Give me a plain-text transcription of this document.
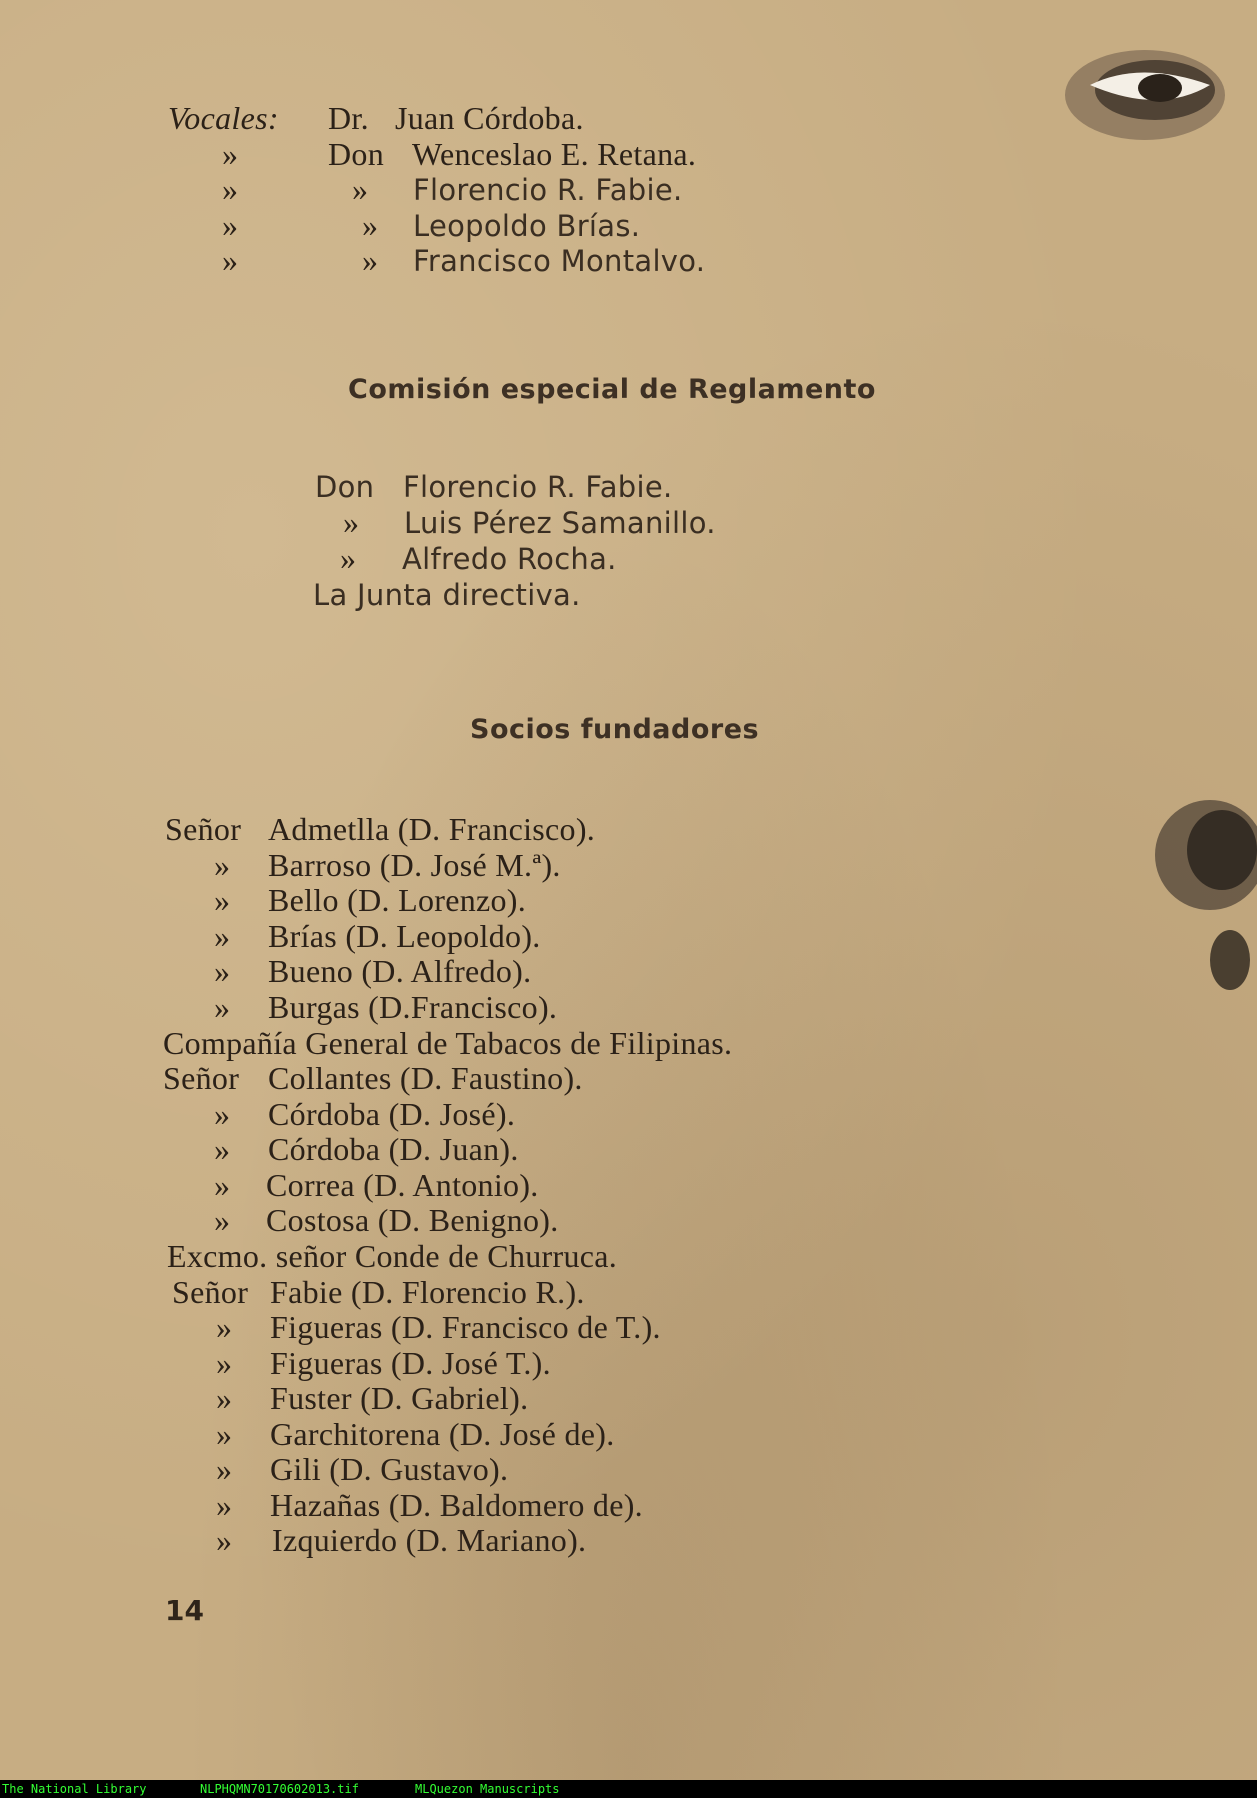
Vocales: Dr. Juan Córdoba.
»	Don Wenceslao E. Retana.
»	» Florencio R. Fabie.
»	» Leopoldo Brías.
»	» Francisco Montalvo.
Comisión especial de Reglamento
Don Florencio R. Fabie.
» Luis Pérez Samanillo.
» Alfredo Rocha.
La Junta directiva.
Socios fundadores
Señor Admetlla (D. Francisco).
» Barroso (D. José M.ª).
» Bello (D. Lorenzo).
» Brías (D. Leopoldo).
» Bueno (D. Alfredo).
» Burgas (D.Francisco).
Compañía General de Tabacos de Filipinas.
Señor Collantes (D. Faustino).
» Córdoba (D. José).
» Córdoba (D. Juan).
» Correa (D. Antonio).
» Costosa (D. Benigno).
Excmo. señor Conde de Churruca.
Señor Fabie (D. Florencio R.).
» Figueras (D. Francisco de T.).
» Figueras (D. José T.).
» Fuster (D. Gabriel).
» Garchitorena (D. José de).
» Gili (D. Gustavo).
» Hazañas (D. Baldomero de).
» Izquierdo (D. Mariano).
14
The National Library	NLPHQMN70170602013.tif	MLQuezon Manuscripts
